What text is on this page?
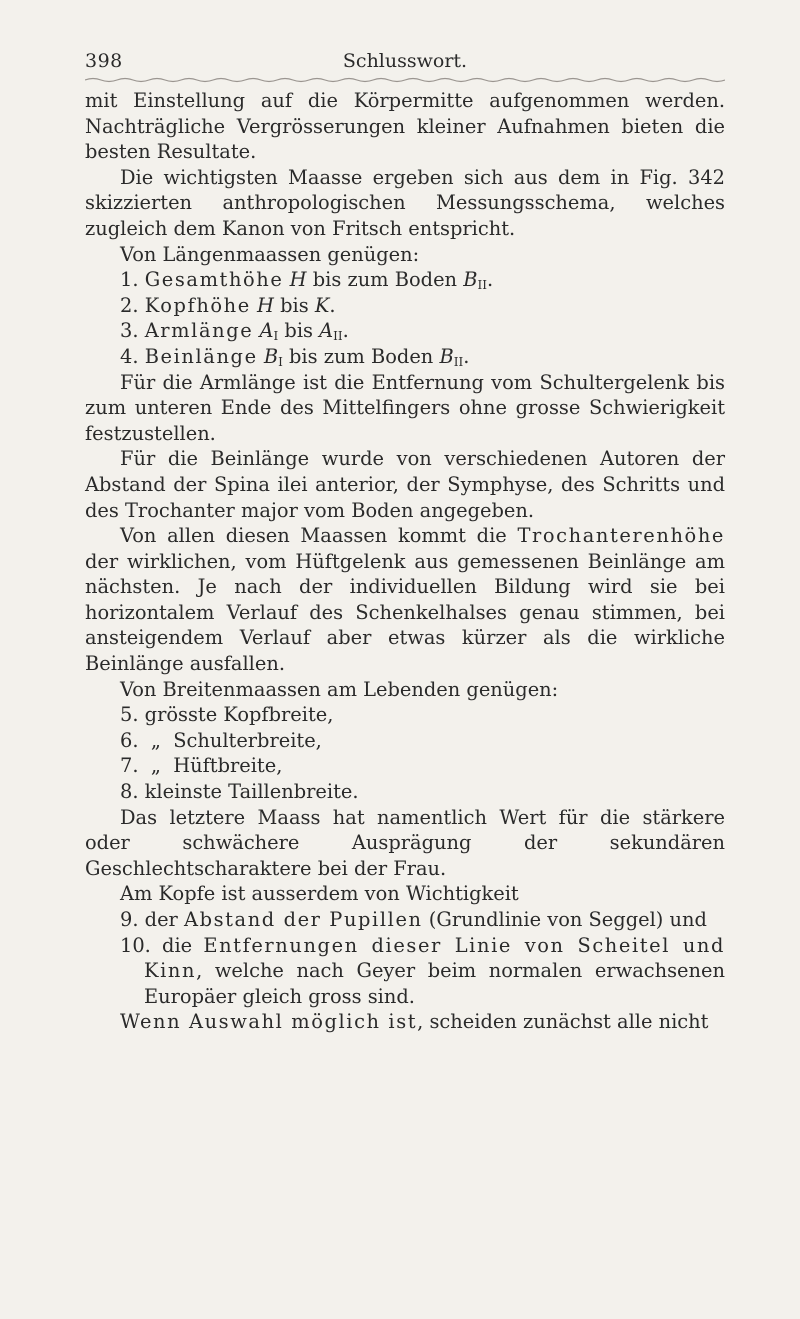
398	Schlusswort.

mit Einstellung auf die Körpermitte aufgenommen werden. Nachträgliche Vergrösserungen kleiner Aufnahmen bieten die besten Resultate.

Die wichtigsten Maasse ergeben sich aus dem in Fig. 342 skizzierten anthropologischen Messungsschema, welches zugleich dem Kanon von Fritsch entspricht.

Von Längenmaassen genügen:

1. Gesamthöhe H bis zum Boden $B_{II}$.

2. Kopfhöhe H bis K.

3. Armlänge $A_I$ bis $A_{II}$.

4. Beinlänge $B_I$ bis zum Boden $B_{II}$.

Für die Armlänge ist die Entfernung vom Schultergelenk bis zum unteren Ende des Mittelfingers ohne grosse Schwierigkeit festzustellen.

Für die Beinlänge wurde von verschiedenen Autoren der Abstand der Spina ilei anterior, der Symphyse, des Schritts und des Trochanter major vom Boden angegeben.

Von allen diesen Maassen kommt die Trochanterenhöhe der wirklichen, vom Hüftgelenk aus gemessenen Beinlänge am nächsten. Je nach der individuellen Bildung wird sie bei horizontalem Verlauf des Schenkelhalses genau stimmen, bei ansteigendem Verlauf aber etwas kürzer als die wirkliche Beinlänge ausfallen.

Von Breitenmaassen am Lebenden genügen:

5. grösste Kopfbreite,

6.  „  Schulterbreite,

7.  „  Hüftbreite,

8. kleinste Taillenbreite.

Das letztere Maass hat namentlich Wert für die stärkere oder schwächere Ausprägung der sekundären Geschlechtscharaktere bei der Frau.

Am Kopfe ist ausserdem von Wichtigkeit

9. der Abstand der Pupillen (Grundlinie von Seggel) und

10. die Entfernungen dieser Linie von Scheitel und Kinn, welche nach Geyer beim normalen erwachsenen Europäer gleich gross sind.

Wenn Auswahl möglich ist, scheiden zunächst alle nicht
